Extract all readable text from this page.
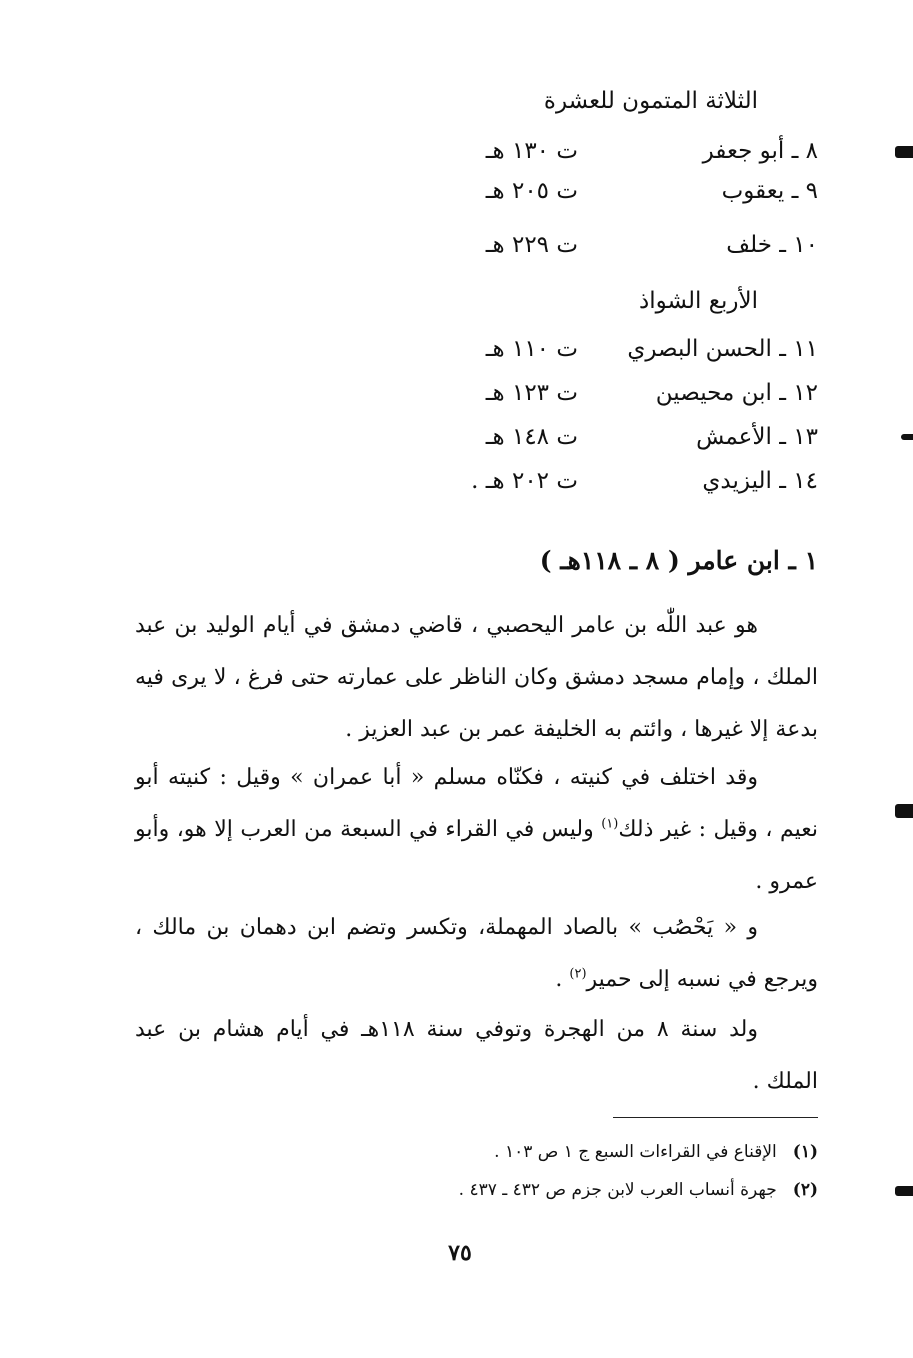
الثلاثة المتمون للعشرة
٨ ـ أبو جعفر
ت ١٣٠ هـ
٩ ـ يعقوب
ت ٢٠٥ هـ
١٠ ـ خلف
ت ٢٢٩ هـ
الأربع الشواذ
١١ ـ الحسن البصري
ت ١١٠ هـ
١٢ ـ ابن محيصين
ت ١٢٣ هـ
١٣ ـ الأعمش
ت ١٤٨ هـ
١٤ ـ اليزيدي
ت ٢٠٢ هـ .
١ ـ ابن عامر ( ٨ ـ ١١٨هـ )

هو عبد اللّٰه بن عامر اليحصبي ، قاضي دمشق في أيام الوليد بن عبد الملك ، وإمام مسجد دمشق وكان الناظر على عمارته حتى فرغ ، لا يرى فيه بدعة إلا غيرها ، وائتم به الخليفة عمر بن عبد العزيز .

وقد اختلف في كنيته ، فكنّاه مسلم « أبا عمران » وقيل : كنيته أبو نعيم ، وقيل : غير ذلك$^{(١)}$ وليس في القراء في السبعة من العرب إلا هو، وأبو عمرو .

و « يَحْصُب » بالصاد المهملة، وتكسر وتضم ابن دهمان بن مالك ، ويرجع في نسبه إلى حمير$^{(٢)}$ .

ولد سنة ٨ من الهجرة وتوفي سنة ١١٨هـ في أيام هشام بن عبد الملك .

(١)الإقناع في القراءات السبع ج ١ ص ١٠٣ .
(٢)جهرة أنساب العرب لابن جزم ص ٤٣٢ ـ ٤٣٧ .
٧٥
